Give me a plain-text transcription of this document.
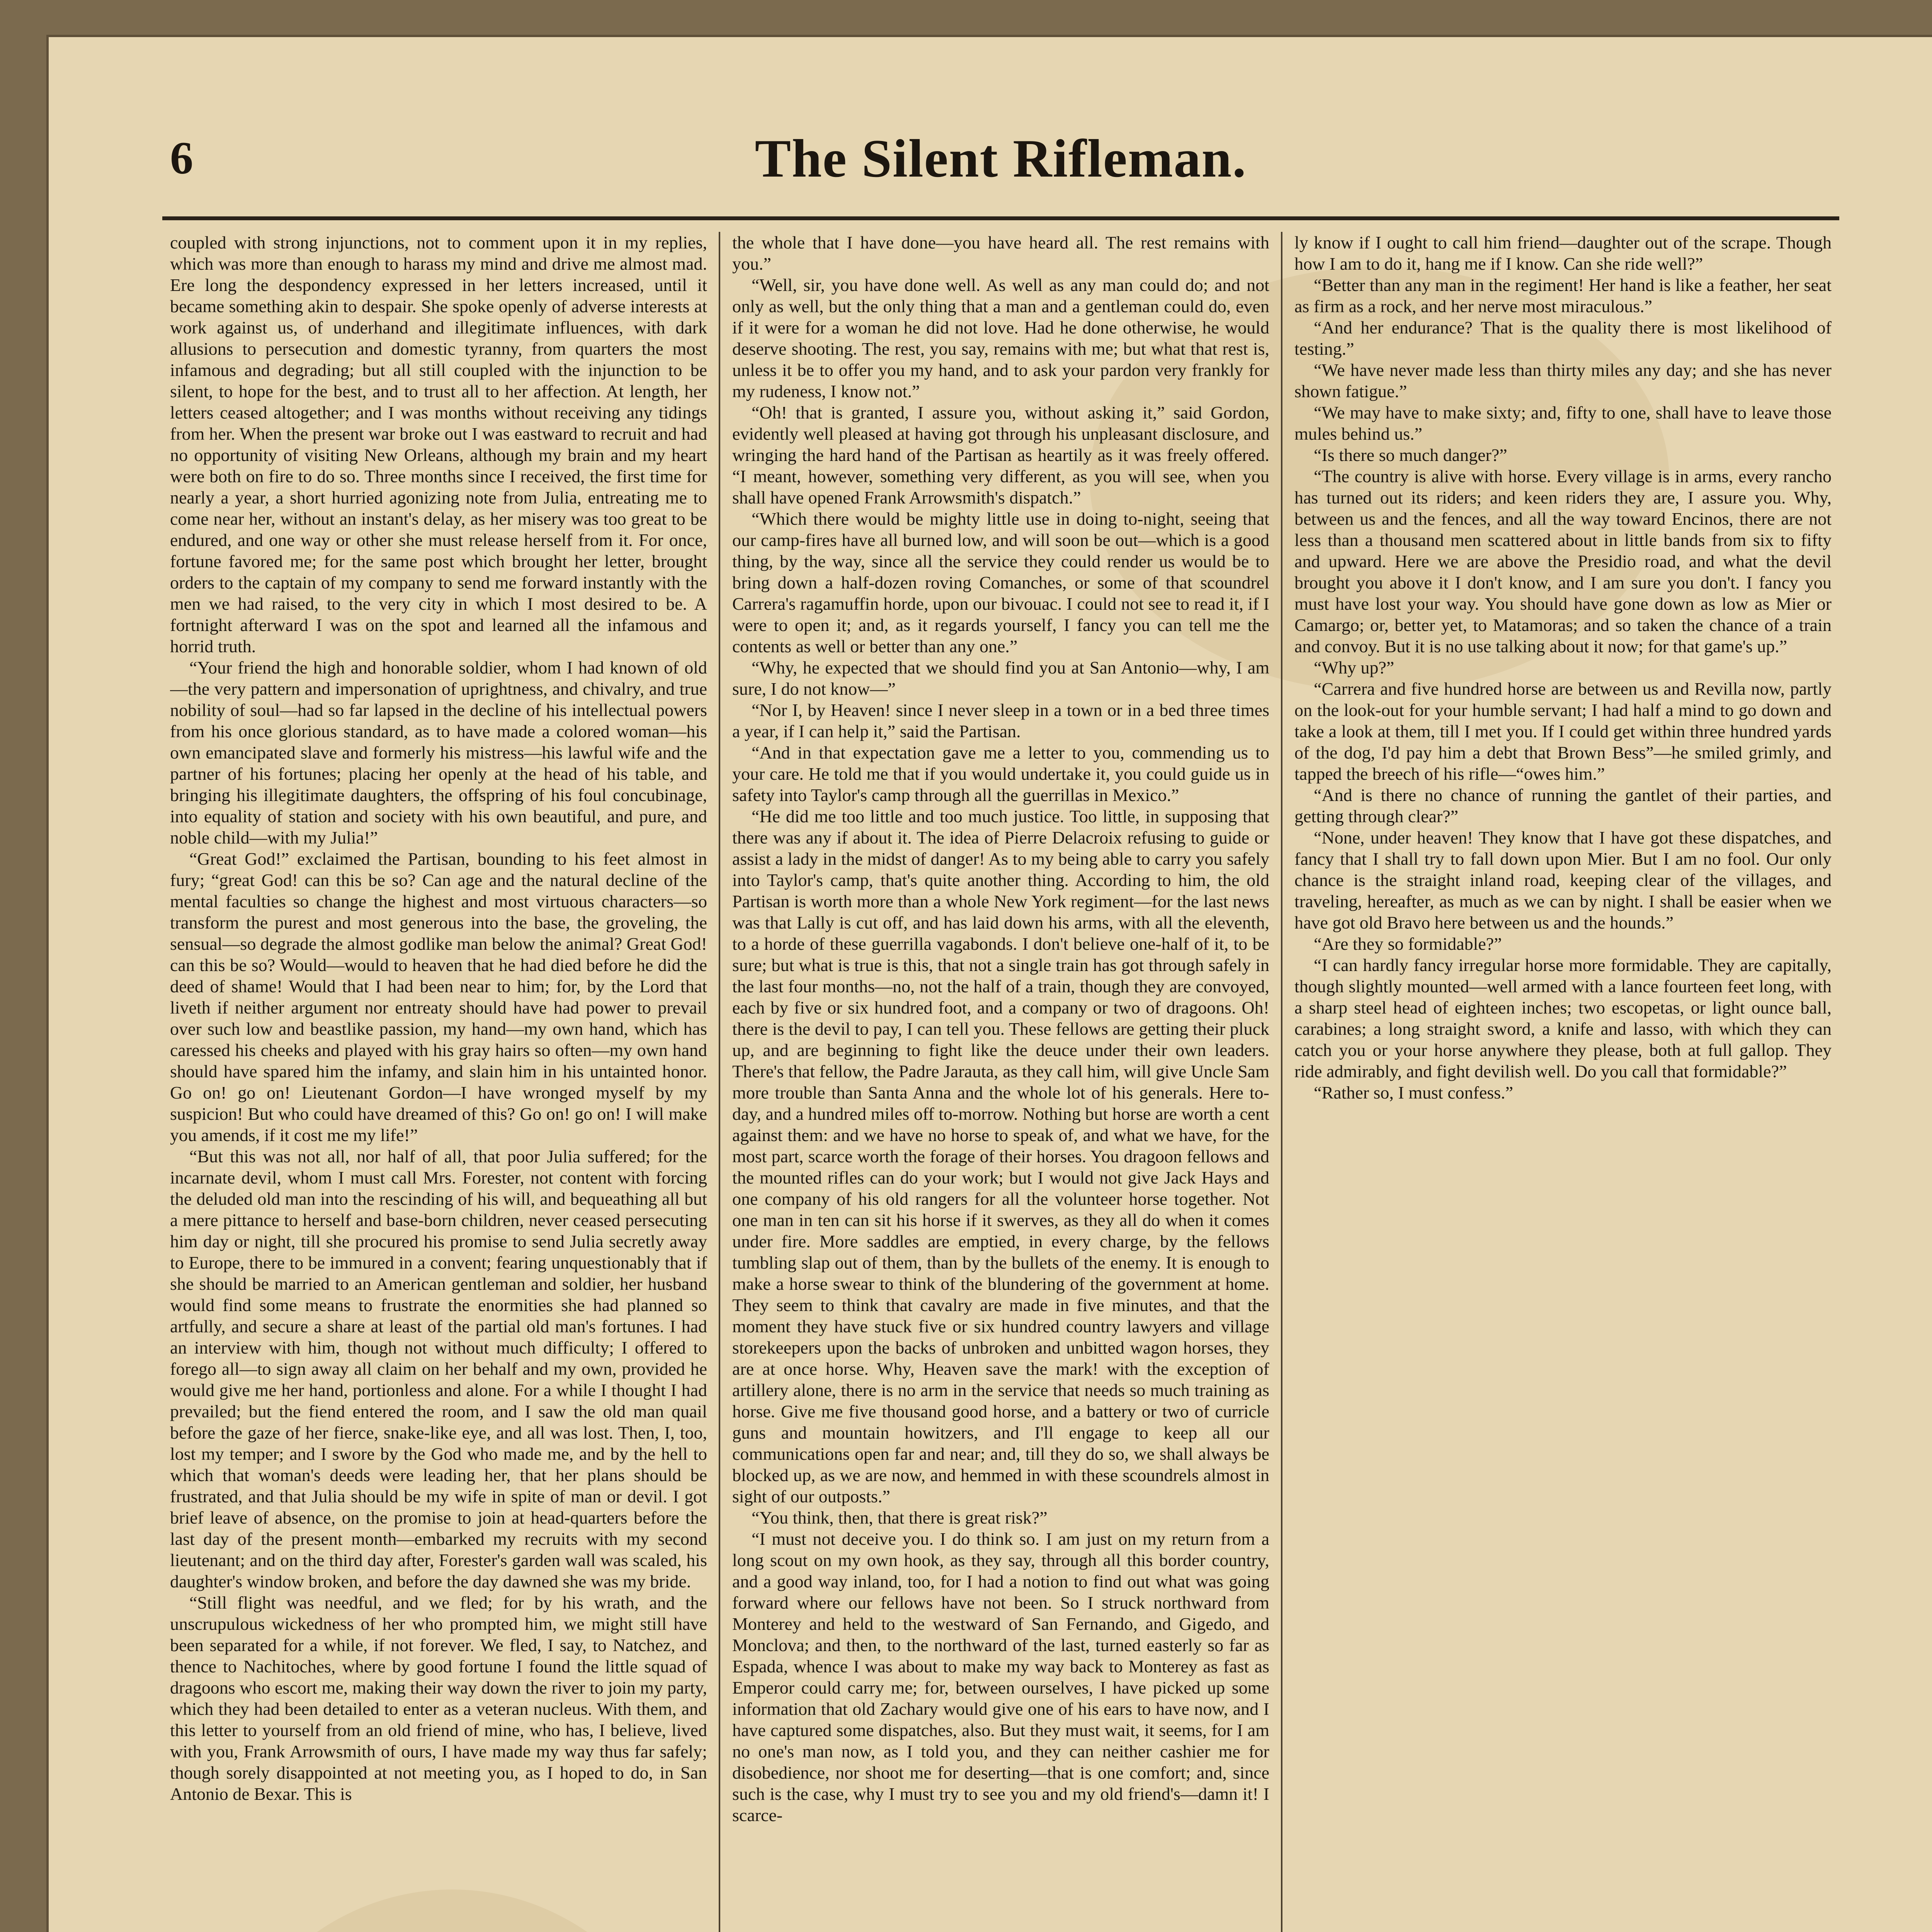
6	The Silent Rifleman.

coupled with strong injunctions, not to comment upon it in my replies, which was more than enough to harass my mind and drive me almost mad. Ere long the despondency expressed in her letters increased, until it became something akin to despair. She spoke openly of adverse interests at work against us, of underhand and illegitimate influences, with dark allusions to persecution and domestic tyranny, from quarters the most infamous and degrading; but all still coupled with the injunction to be silent, to hope for the best, and to trust all to her affection. At length, her letters ceased altogether; and I was months without receiving any tidings from her. When the present war broke out I was eastward to recruit and had no opportunity of visiting New Orleans, although my brain and my heart were both on fire to do so. Three months since I received, the first time for nearly a year, a short hurried agonizing note from Julia, entreating me to come near her, without an instant's delay, as her misery was too great to be endured, and one way or other she must release herself from it. For once, fortune favored me; for the same post which brought her letter, brought orders to the captain of my company to send me forward instantly with the men we had raised, to the very city in which I most desired to be. A fortnight afterward I was on the spot and learned all the infamous and horrid truth.

“Your friend the high and honorable soldier, whom I had known of old—the very pattern and impersonation of uprightness, and chivalry, and true nobility of soul—had so far lapsed in the decline of his intellectual powers from his once glorious standard, as to have made a colored woman—his own emancipated slave and formerly his mistress—his lawful wife and the partner of his fortunes; placing her openly at the head of his table, and bringing his illegitimate daughters, the offspring of his foul concubinage, into equality of station and society with his own beautiful, and pure, and noble child—with my Julia!”

“Great God!” exclaimed the Partisan, bounding to his feet almost in fury; “great God! can this be so? Can age and the natural decline of the mental faculties so change the highest and most virtuous characters—so transform the purest and most generous into the base, the groveling, the sensual—so degrade the almost godlike man below the animal? Great God! can this be so? Would—would to heaven that he had died before he did the deed of shame! Would that I had been near to him; for, by the Lord that liveth if neither argument nor entreaty should have had power to prevail over such low and beastlike passion, my hand—my own hand, which has caressed his cheeks and played with his gray hairs so often—my own hand should have spared him the infamy, and slain him in his untainted honor. Go on! go on! Lieutenant Gordon—I have wronged myself by my suspicion! But who could have dreamed of this? Go on! go on! I will make you amends, if it cost me my life!”

“But this was not all, nor half of all, that poor Julia suffered; for the incarnate devil, whom I must call Mrs. Forester, not content with forcing the deluded old man into the rescinding of his will, and bequeathing all but a mere pittance to herself and base-born children, never ceased persecuting him day or night, till she procured his promise to send Julia secretly away to Europe, there to be immured in a convent; fearing unquestionably that if she should be married to an American gentleman and soldier, her husband would find some means to frustrate the enormities she had planned so artfully, and secure a share at least of the partial old man's fortunes. I had an interview with him, though not without much difficulty; I offered to forego all—to sign away all claim on her behalf and my own, provided he would give me her hand, portionless and alone. For a while I thought I had prevailed; but the fiend entered the room, and I saw the old man quail before the gaze of her fierce, snake-like eye, and all was lost. Then, I, too, lost my temper; and I swore by the God who made me, and by the hell to which that woman's deeds were leading her, that her plans should be frustrated, and that Julia should be my wife in spite of man or devil. I got brief leave of absence, on the promise to join at head-quarters before the last day of the present month—embarked my recruits with my second lieutenant; and on the third day after, Forester's garden wall was scaled, his daughter's window broken, and before the day dawned she was my bride.

“Still flight was needful, and we fled; for by his wrath, and the unscrupulous wickedness of her who prompted him, we might still have been separated for a while, if not forever. We fled, I say, to Natchez, and thence to Nachitoches, where by good fortune I found the little squad of dragoons who escort me, making their way down the river to join my party, which they had been detailed to enter as a veteran nucleus. With them, and this letter to yourself from an old friend of mine, who has, I believe, lived with you, Frank Arrowsmith of ours, I have made my way thus far safely; though sorely disappointed at not meeting you, as I hoped to do, in San Antonio de Bexar. This is

the whole that I have done—you have heard all. The rest remains with you.”

“Well, sir, you have done well. As well as any man could do; and not only as well, but the only thing that a man and a gentleman could do, even if it were for a woman he did not love. Had he done otherwise, he would deserve shooting. The rest, you say, remains with me; but what that rest is, unless it be to offer you my hand, and to ask your pardon very frankly for my rudeness, I know not.”

“Oh! that is granted, I assure you, without asking it,” said Gordon, evidently well pleased at having got through his unpleasant disclosure, and wringing the hard hand of the Partisan as heartily as it was freely offered. “I meant, however, something very different, as you will see, when you shall have opened Frank Arrowsmith's dispatch.”

“Which there would be mighty little use in doing to-night, seeing that our camp-fires have all burned low, and will soon be out—which is a good thing, by the way, since all the service they could render us would be to bring down a half-dozen roving Comanches, or some of that scoundrel Carrera's ragamuffin horde, upon our bivouac. I could not see to read it, if I were to open it; and, as it regards yourself, I fancy you can tell me the contents as well or better than any one.”

“Why, he expected that we should find you at San Antonio—why, I am sure, I do not know—”

“Nor I, by Heaven! since I never sleep in a town or in a bed three times a year, if I can help it,” said the Partisan.

“And in that expectation gave me a letter to you, commending us to your care. He told me that if you would undertake it, you could guide us in safety into Taylor's camp through all the guerrillas in Mexico.”

“He did me too little and too much justice. Too little, in supposing that there was any if about it. The idea of Pierre Delacroix refusing to guide or assist a lady in the midst of danger! As to my being able to carry you safely into Taylor's camp, that's quite another thing. According to him, the old Partisan is worth more than a whole New York regiment—for the last news was that Lally is cut off, and has laid down his arms, with all the eleventh, to a horde of these guerrilla vagabonds. I don't believe one-half of it, to be sure; but what is true is this, that not a single train has got through safely in the last four months—no, not the half of a train, though they are convoyed, each by five or six hundred foot, and a company or two of dragoons. Oh! there is the devil to pay, I can tell you. These fellows are getting their pluck up, and are beginning to fight like the deuce under their own leaders. There's that fellow, the Padre Jarauta, as they call him, will give Uncle Sam more trouble than Santa Anna and the whole lot of his generals. Here to-day, and a hundred miles off to-morrow. Nothing but horse are worth a cent against them: and we have no horse to speak of, and what we have, for the most part, scarce worth the forage of their horses. You dragoon fellows and the mounted rifles can do your work; but I would not give Jack Hays and one company of his old rangers for all the volunteer horse together. Not one man in ten can sit his horse if it swerves, as they all do when it comes under fire. More saddles are emptied, in every charge, by the fellows tumbling slap out of them, than by the bullets of the enemy. It is enough to make a horse swear to think of the blundering of the government at home. They seem to think that cavalry are made in five minutes, and that the moment they have stuck five or six hundred country lawyers and village storekeepers upon the backs of unbroken and unbitted wagon horses, they are at once horse. Why, Heaven save the mark! with the exception of artillery alone, there is no arm in the service that needs so much training as horse. Give me five thousand good horse, and a battery or two of curricle guns and mountain howitzers, and I'll engage to keep all our communications open far and near; and, till they do so, we shall always be blocked up, as we are now, and hemmed in with these scoundrels almost in sight of our outposts.”

“You think, then, that there is great risk?”

“I must not deceive you. I do think so. I am just on my return from a long scout on my own hook, as they say, through all this border country, and a good way inland, too, for I had a notion to find out what was going forward where our fellows have not been. So I struck northward from Monterey and held to the westward of San Fernando, and Gigedo, and Monclova; and then, to the northward of the last, turned easterly so far as Espada, whence I was about to make my way back to Monterey as fast as Emperor could carry me; for, between ourselves, I have picked up some information that old Zachary would give one of his ears to have now, and I have captured some dispatches, also. But they must wait, it seems, for I am no one's man now, as I told you, and they can neither cashier me for disobedience, nor shoot me for deserting—that is one comfort; and, since such is the case, why I must try to see you and my old friend's—damn it! I scarce-

ly know if I ought to call him friend—daughter out of the scrape. Though how I am to do it, hang me if I know. Can she ride well?”

“Better than any man in the regiment! Her hand is like a feather, her seat as firm as a rock, and her nerve most miraculous.”

“And her endurance? That is the quality there is most likelihood of testing.”

“We have never made less than thirty miles any day; and she has never shown fatigue.”

“We may have to make sixty; and, fifty to one, shall have to leave those mules behind us.”

“Is there so much danger?”

“The country is alive with horse. Every village is in arms, every rancho has turned out its riders; and keen riders they are, I assure you. Why, between us and the fences, and all the way toward Encinos, there are not less than a thousand men scattered about in little bands from six to fifty and upward. Here we are above the Presidio road, and what the devil brought you above it I don't know, and I am sure you don't. I fancy you must have lost your way. You should have gone down as low as Mier or Camargo; or, better yet, to Matamoras; and so taken the chance of a train and convoy. But it is no use talking about it now; for that game's up.”

“Why up?”

“Carrera and five hundred horse are between us and Revilla now, partly on the look-out for your humble servant; I had half a mind to go down and take a look at them, till I met you. If I could get within three hundred yards of the dog, I'd pay him a debt that Brown Bess”—he smiled grimly, and tapped the breech of his rifle—“owes him.”

“And is there no chance of running the gantlet of their parties, and getting through clear?”

“None, under heaven! They know that I have got these dispatches, and fancy that I shall try to fall down upon Mier. But I am no fool. Our only chance is the straight inland road, keeping clear of the villages, and traveling, hereafter, as much as we can by night. I shall be easier when we have got old Bravo here between us and the hounds.”

“Are they so formidable?”

“I can hardly fancy irregular horse more formidable. They are capitally, though slightly mounted—well armed with a lance fourteen feet long, with a sharp steel head of eighteen inches; two escopetas, or light ounce ball, carabines; a long straight sword, a knife and lasso, with which they can catch you or your horse anywhere they please, both at full gallop. They ride admirably, and fight devilish well. Do you call that formidable?”

“Rather so, I must confess.”
